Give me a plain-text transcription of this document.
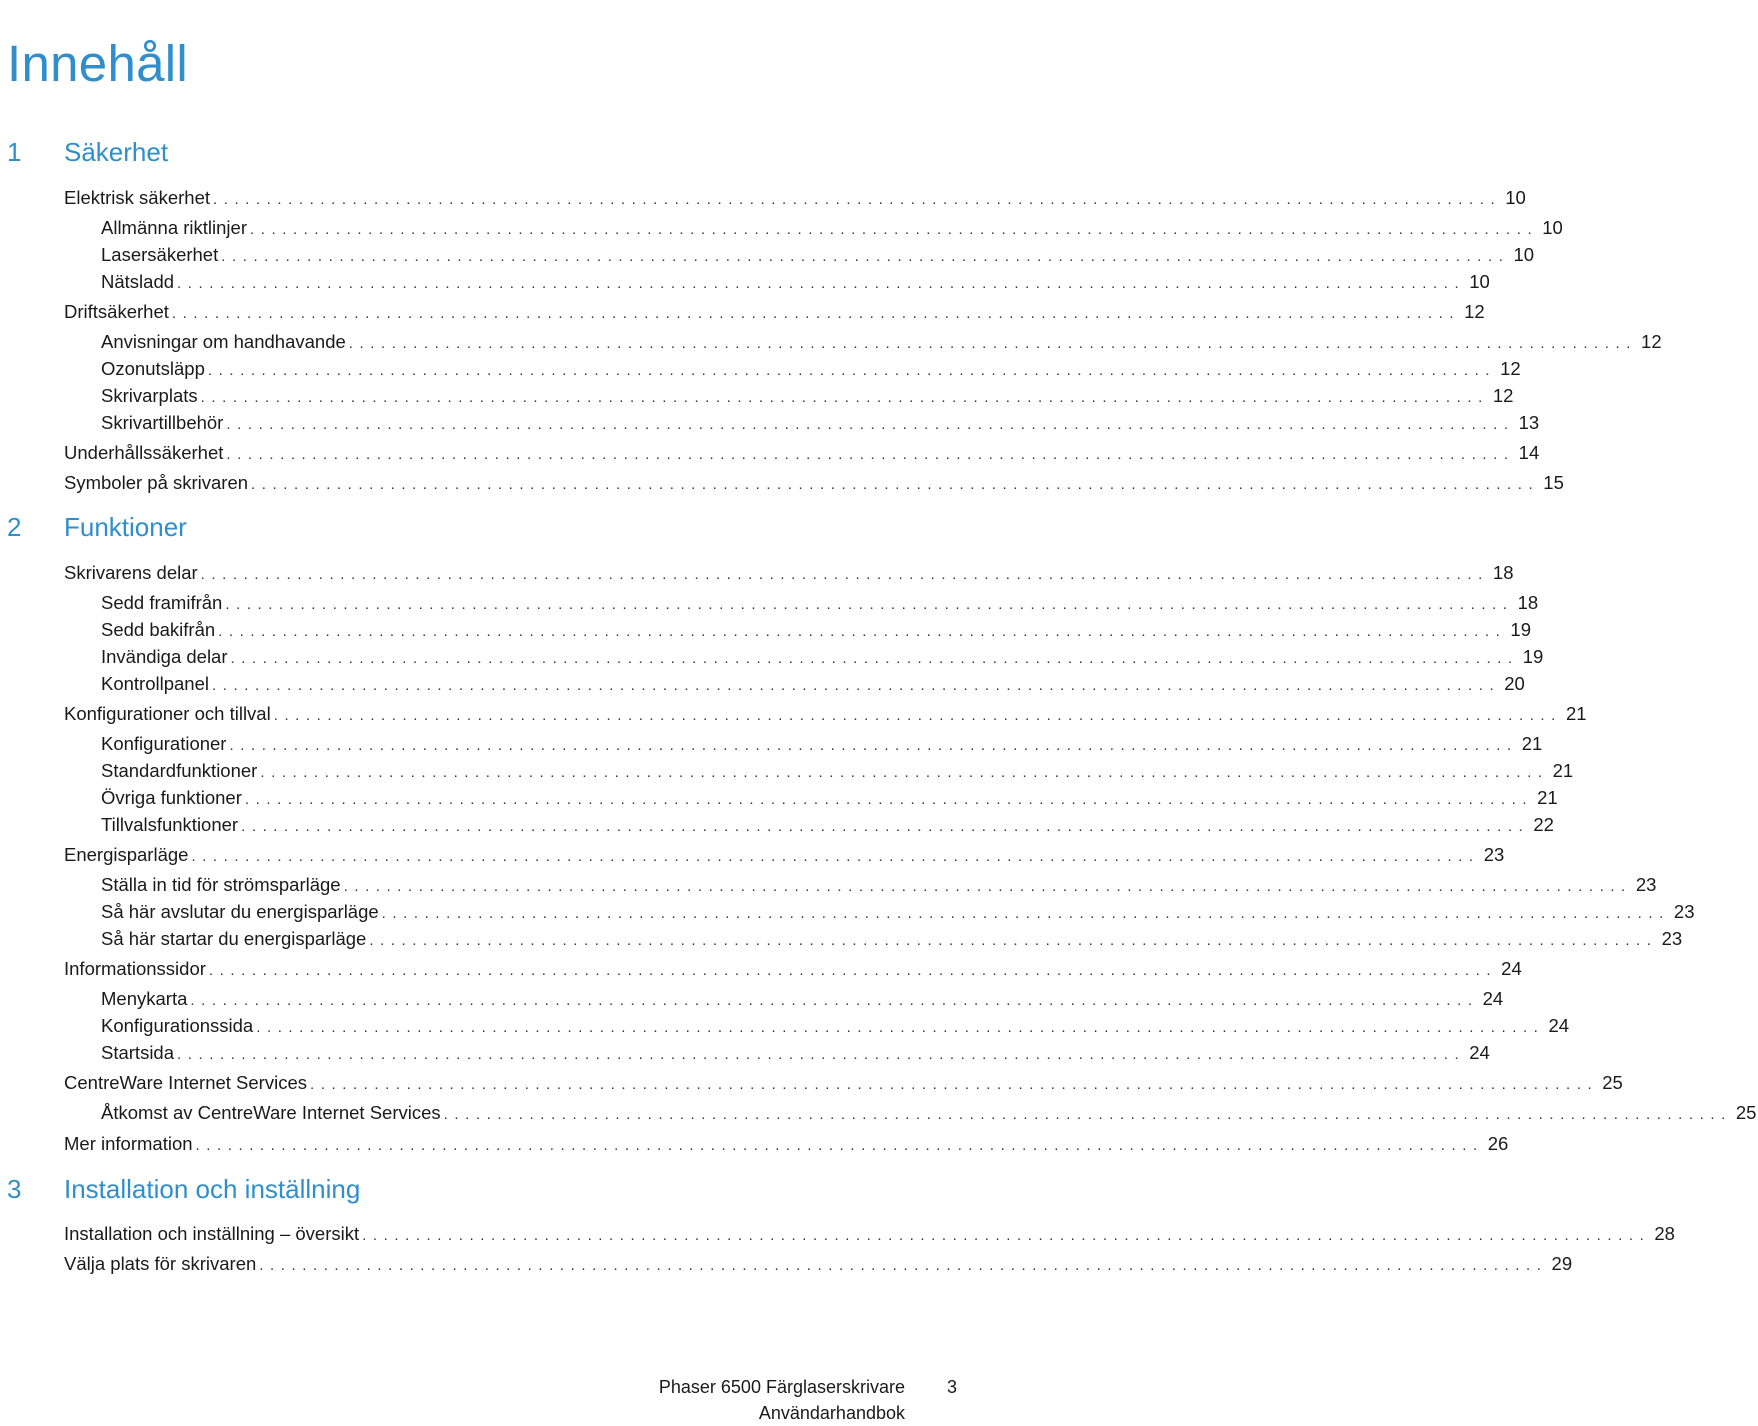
Innehåll
1 Säkerhet
Elektrisk säkerhet . . . . . . . . . . . . . . . . . . . . . . . . . . . . . . . . . . . . . . . . . . . . . . . . . . . . . . . . . . . . . . . . . . . . . . . . . . . . . . . . . . . . . . . . . . . . . . . . . . . . . . . . . . . . . . . . . . . . . . . . 10
Allmänna riktlinjer . . . . . . . . . . . . . . . . . . . . . . . . . . . . . . . . . . . . . . . . . . . . . . . . . . . . . . . . . . . . . . . . . . . . . . . . . . . . . . . . . . . . . . . . . . . . . . . . . . . . . . . . . . . . . . . . . . . . . . . . 10
Lasersäkerhet . . . . . . . . . . . . . . . . . . . . . . . . . . . . . . . . . . . . . . . . . . . . . . . . . . . . . . . . . . . . . . . . . . . . . . . . . . . . . . . . . . . . . . . . . . . . . . . . . . . . . . . . . . . . . . . . . . . . . . . . 10
Nätsladd . . . . . . . . . . . . . . . . . . . . . . . . . . . . . . . . . . . . . . . . . . . . . . . . . . . . . . . . . . . . . . . . . . . . . . . . . . . . . . . . . . . . . . . . . . . . . . . . . . . . . . . . . . . . . . . . . . . . . . . . 10
Driftsäkerhet . . . . . . . . . . . . . . . . . . . . . . . . . . . . . . . . . . . . . . . . . . . . . . . . . . . . . . . . . . . . . . . . . . . . . . . . . . . . . . . . . . . . . . . . . . . . . . . . . . . . . . . . . . . . . . . . . . . . . . . . 12
Anvisningar om handhavande . . . . . . . . . . . . . . . . . . . . . . . . . . . . . . . . . . . . . . . . . . . . . . . . . . . . . . . . . . . . . . . . . . . . . . . . . . . . . . . . . . . . . . . . . . . . . . . . . . . . . . . . . . . . . . . . . . . . . . . . 12
Ozonutsläpp . . . . . . . . . . . . . . . . . . . . . . . . . . . . . . . . . . . . . . . . . . . . . . . . . . . . . . . . . . . . . . . . . . . . . . . . . . . . . . . . . . . . . . . . . . . . . . . . . . . . . . . . . . . . . . . . . . . . . . . . 12
Skrivarplats . . . . . . . . . . . . . . . . . . . . . . . . . . . . . . . . . . . . . . . . . . . . . . . . . . . . . . . . . . . . . . . . . . . . . . . . . . . . . . . . . . . . . . . . . . . . . . . . . . . . . . . . . . . . . . . . . . . . . . . . 12
Skrivartillbehör . . . . . . . . . . . . . . . . . . . . . . . . . . . . . . . . . . . . . . . . . . . . . . . . . . . . . . . . . . . . . . . . . . . . . . . . . . . . . . . . . . . . . . . . . . . . . . . . . . . . . . . . . . . . . . . . . . . . . . . . 13
Underhållssäkerhet . . . . . . . . . . . . . . . . . . . . . . . . . . . . . . . . . . . . . . . . . . . . . . . . . . . . . . . . . . . . . . . . . . . . . . . . . . . . . . . . . . . . . . . . . . . . . . . . . . . . . . . . . . . . . . . . . . . . . . . . 14
Symboler på skrivaren . . . . . . . . . . . . . . . . . . . . . . . . . . . . . . . . . . . . . . . . . . . . . . . . . . . . . . . . . . . . . . . . . . . . . . . . . . . . . . . . . . . . . . . . . . . . . . . . . . . . . . . . . . . . . . . . . . . . . . . . 15
2 Funktioner
Skrivarens delar . . . . . . . . . . . . . . . . . . . . . . . . . . . . . . . . . . . . . . . . . . . . . . . . . . . . . . . . . . . . . . . . . . . . . . . . . . . . . . . . . . . . . . . . . . . . . . . . . . . . . . . . . . . . . . . . . . . . . . . . 18
Sedd framifrån . . . . . . . . . . . . . . . . . . . . . . . . . . . . . . . . . . . . . . . . . . . . . . . . . . . . . . . . . . . . . . . . . . . . . . . . . . . . . . . . . . . . . . . . . . . . . . . . . . . . . . . . . . . . . . . . . . . . . . . . 18
Sedd bakifrån . . . . . . . . . . . . . . . . . . . . . . . . . . . . . . . . . . . . . . . . . . . . . . . . . . . . . . . . . . . . . . . . . . . . . . . . . . . . . . . . . . . . . . . . . . . . . . . . . . . . . . . . . . . . . . . . . . . . . . . . 19
Invändiga delar . . . . . . . . . . . . . . . . . . . . . . . . . . . . . . . . . . . . . . . . . . . . . . . . . . . . . . . . . . . . . . . . . . . . . . . . . . . . . . . . . . . . . . . . . . . . . . . . . . . . . . . . . . . . . . . . . . . . . . . . 19
Kontrollpanel . . . . . . . . . . . . . . . . . . . . . . . . . . . . . . . . . . . . . . . . . . . . . . . . . . . . . . . . . . . . . . . . . . . . . . . . . . . . . . . . . . . . . . . . . . . . . . . . . . . . . . . . . . . . . . . . . . . . . . . . 20
Konfigurationer och tillval . . . . . . . . . . . . . . . . . . . . . . . . . . . . . . . . . . . . . . . . . . . . . . . . . . . . . . . . . . . . . . . . . . . . . . . . . . . . . . . . . . . . . . . . . . . . . . . . . . . . . . . . . . . . . . . . . . . . . . . . 21
Konfigurationer . . . . . . . . . . . . . . . . . . . . . . . . . . . . . . . . . . . . . . . . . . . . . . . . . . . . . . . . . . . . . . . . . . . . . . . . . . . . . . . . . . . . . . . . . . . . . . . . . . . . . . . . . . . . . . . . . . . . . . . . 21
Standardfunktioner . . . . . . . . . . . . . . . . . . . . . . . . . . . . . . . . . . . . . . . . . . . . . . . . . . . . . . . . . . . . . . . . . . . . . . . . . . . . . . . . . . . . . . . . . . . . . . . . . . . . . . . . . . . . . . . . . . . . . . . . 21
Övriga funktioner . . . . . . . . . . . . . . . . . . . . . . . . . . . . . . . . . . . . . . . . . . . . . . . . . . . . . . . . . . . . . . . . . . . . . . . . . . . . . . . . . . . . . . . . . . . . . . . . . . . . . . . . . . . . . . . . . . . . . . . . 21
Tillvalsfunktioner . . . . . . . . . . . . . . . . . . . . . . . . . . . . . . . . . . . . . . . . . . . . . . . . . . . . . . . . . . . . . . . . . . . . . . . . . . . . . . . . . . . . . . . . . . . . . . . . . . . . . . . . . . . . . . . . . . . . . . . . 22
Energisparläge . . . . . . . . . . . . . . . . . . . . . . . . . . . . . . . . . . . . . . . . . . . . . . . . . . . . . . . . . . . . . . . . . . . . . . . . . . . . . . . . . . . . . . . . . . . . . . . . . . . . . . . . . . . . . . . . . . . . . . . . 23
Ställa in tid för strömsparläge . . . . . . . . . . . . . . . . . . . . . . . . . . . . . . . . . . . . . . . . . . . . . . . . . . . . . . . . . . . . . . . . . . . . . . . . . . . . . . . . . . . . . . . . . . . . . . . . . . . . . . . . . . . . . . . . . . . . . . . . 23
Så här avslutar du energisparläge . . . . . . . . . . . . . . . . . . . . . . . . . . . . . . . . . . . . . . . . . . . . . . . . . . . . . . . . . . . . . . . . . . . . . . . . . . . . . . . . . . . . . . . . . . . . . . . . . . . . . . . . . . . . . . . . . . . . . . . . 23
Så här startar du energisparläge . . . . . . . . . . . . . . . . . . . . . . . . . . . . . . . . . . . . . . . . . . . . . . . . . . . . . . . . . . . . . . . . . . . . . . . . . . . . . . . . . . . . . . . . . . . . . . . . . . . . . . . . . . . . . . . . . . . . . . . . 23
Informationssidor . . . . . . . . . . . . . . . . . . . . . . . . . . . . . . . . . . . . . . . . . . . . . . . . . . . . . . . . . . . . . . . . . . . . . . . . . . . . . . . . . . . . . . . . . . . . . . . . . . . . . . . . . . . . . . . . . . . . . . . . 24
Menykarta . . . . . . . . . . . . . . . . . . . . . . . . . . . . . . . . . . . . . . . . . . . . . . . . . . . . . . . . . . . . . . . . . . . . . . . . . . . . . . . . . . . . . . . . . . . . . . . . . . . . . . . . . . . . . . . . . . . . . . . . 24
Konfigurationssida . . . . . . . . . . . . . . . . . . . . . . . . . . . . . . . . . . . . . . . . . . . . . . . . . . . . . . . . . . . . . . . . . . . . . . . . . . . . . . . . . . . . . . . . . . . . . . . . . . . . . . . . . . . . . . . . . . . . . . . . 24
Startsida . . . . . . . . . . . . . . . . . . . . . . . . . . . . . . . . . . . . . . . . . . . . . . . . . . . . . . . . . . . . . . . . . . . . . . . . . . . . . . . . . . . . . . . . . . . . . . . . . . . . . . . . . . . . . . . . . . . . . . . . 24
CentreWare Internet Services . . . . . . . . . . . . . . . . . . . . . . . . . . . . . . . . . . . . . . . . . . . . . . . . . . . . . . . . . . . . . . . . . . . . . . . . . . . . . . . . . . . . . . . . . . . . . . . . . . . . . . . . . . . . . . . . . . . . . . . . 25
Åtkomst av CentreWare Internet Services . . . . . . . . . . . . . . . . . . . . . . . . . . . . . . . . . . . . . . . . . . . . . . . . . . . . . . . . . . . . . . . . . . . . . . . . . . . . . . . . . . . . . . . . . . . . . . . . . . . . . . . . . . . . . . . . . . . . . . . . 25
Mer information . . . . . . . . . . . . . . . . . . . . . . . . . . . . . . . . . . . . . . . . . . . . . . . . . . . . . . . . . . . . . . . . . . . . . . . . . . . . . . . . . . . . . . . . . . . . . . . . . . . . . . . . . . . . . . . . . . . . . . . . 26
3 Installation och inställning
Installation och inställning – översikt . . . . . . . . . . . . . . . . . . . . . . . . . . . . . . . . . . . . . . . . . . . . . . . . . . . . . . . . . . . . . . . . . . . . . . . . . . . . . . . . . . . . . . . . . . . . . . . . . . . . . . . . . . . . . . . . . . . . . . . . 28
Välja plats för skrivaren . . . . . . . . . . . . . . . . . . . . . . . . . . . . . . . . . . . . . . . . . . . . . . . . . . . . . . . . . . . . . . . . . . . . . . . . . . . . . . . . . . . . . . . . . . . . . . . . . . . . . . . . . . . . . . . . . . . . . . . . 29
Phaser 6500 Färglaserskrivare
Användarhandbok
3
